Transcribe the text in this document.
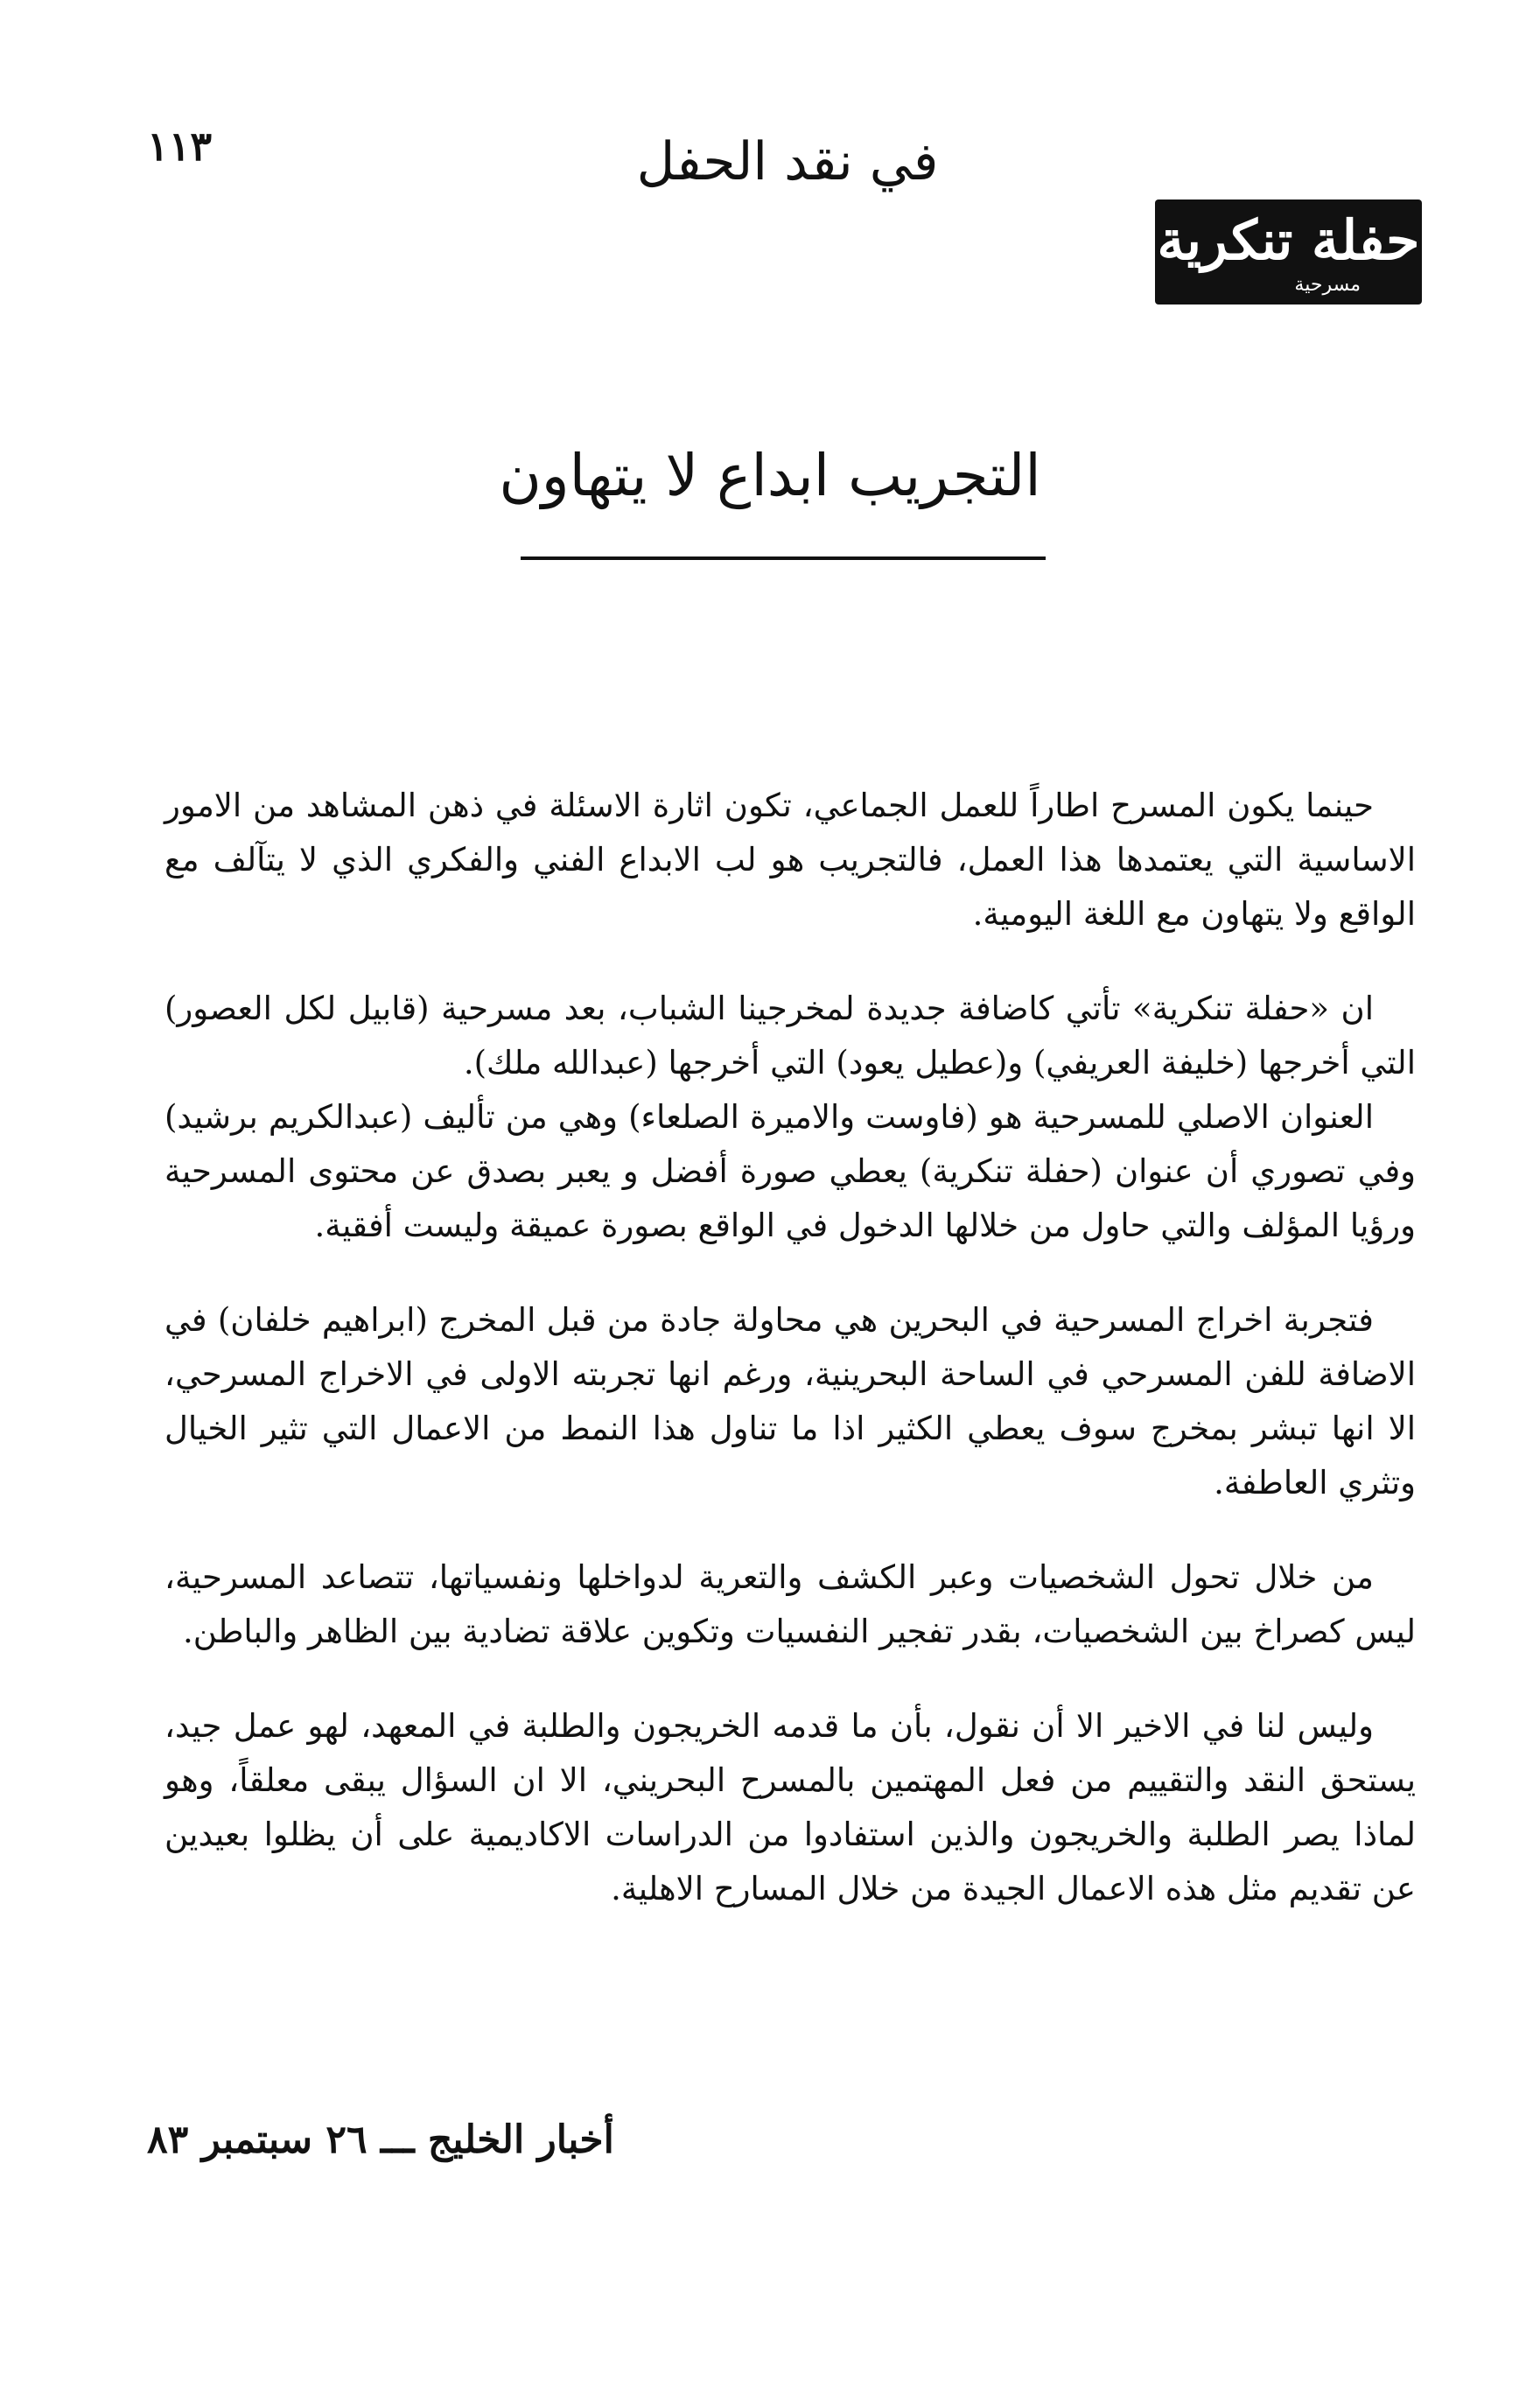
١١٣	في نقد الحفل
حفلة تنكرية
مسرحية
التجريب ابداع لا يتهاون

حينما يكون المسرح اطاراً للعمل الجماعي، تكون اثارة الاسئلة في ذهن المشاهد من الامور الاساسية التي يعتمدها هذا العمل، فالتجريب هو لب الابداع الفني والفكري الذي لا يتآلف مع الواقع ولا يتهاون مع اللغة اليومية.

ان «حفلة تنكرية» تأتي كاضافة جديدة لمخرجينا الشباب، بعد مسرحية (قابيل لكل العصور) التي أخرجها (خليفة العريفي) و(عطيل يعود) التي أخرجها (عبدالله ملك).

العنوان الاصلي للمسرحية هو (فاوست والاميرة الصلعاء) وهي من تأليف (عبدالكريم برشيد) وفي تصوري أن عنوان (حفلة تنكرية) يعطي صورة أفضل و يعبر بصدق عن محتوى المسرحية ورؤيا المؤلف والتي حاول من خلالها الدخول في الواقع بصورة عميقة وليست أفقية.

فتجربة اخراج المسرحية في البحرين هي محاولة جادة من قبل المخرج (ابراهيم خلفان) في الاضافة للفن المسرحي في الساحة البحرينية، ورغم انها تجربته الاولى في الاخراج المسرحي، الا انها تبشر بمخرج سوف يعطي الكثير اذا ما تناول هذا النمط من الاعمال التي تثير الخيال وتثري العاطفة.

من خلال تحول الشخصيات وعبر الكشف والتعرية لدواخلها ونفسياتها، تتصاعد المسرحية، ليس كصراخ بين الشخصيات، بقدر تفجير النفسيات وتكوين علاقة تضادية بين الظاهر والباطن.

وليس لنا في الاخير الا أن نقول، بأن ما قدمه الخريجون والطلبة في المعهد، لهو عمل جيد، يستحق النقد والتقييم من فعل المهتمين بالمسرح البحريني، الا ان السؤال يبقى معلقاً، وهو لماذا يصر الطلبة والخريجون والذين استفادوا من الدراسات الاكاديمية على أن يظلوا بعيدين عن تقديم مثل هذه الاعمال الجيدة من خلال المسارح الاهلية.

أخبار الخليج ـــ ٢٦ سبتمبر ٨٣
